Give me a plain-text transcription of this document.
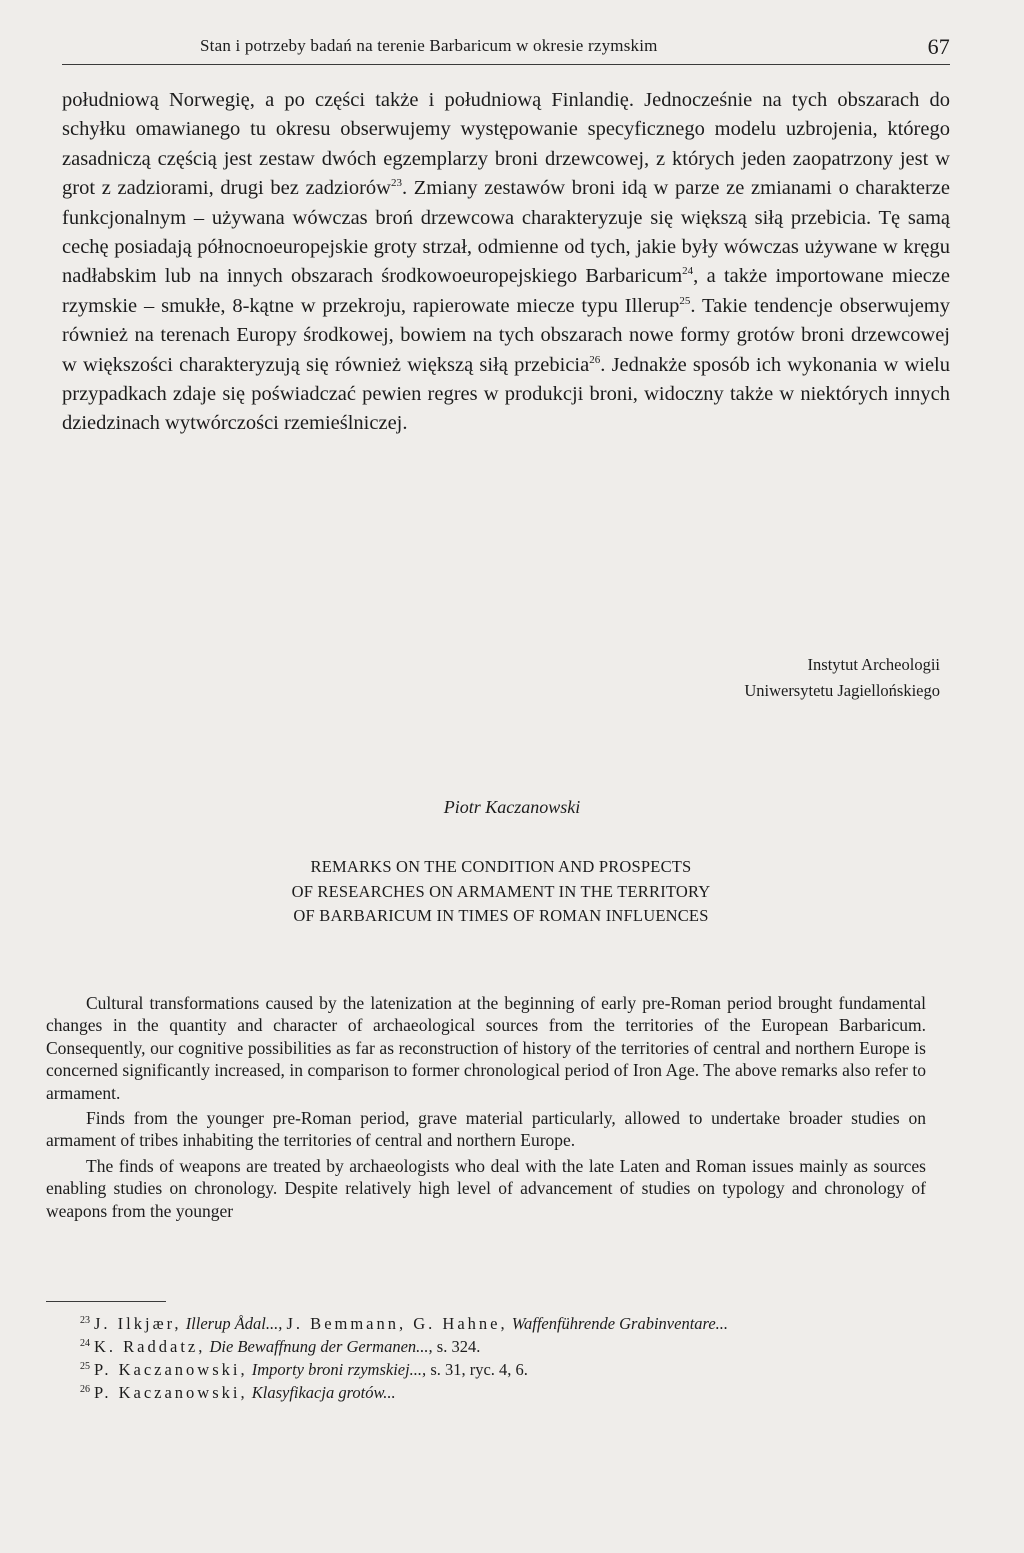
Stan i potrzeby badań na terenie Barbaricum w okresie rzymskim	67

południową Norwegię, a po części także i południową Finlandię. Jednocześnie na tych obszarach do schyłku omawianego tu okresu obserwujemy występowanie specyficznego modelu uzbrojenia, którego zasadniczą częścią jest zestaw dwóch egzemplarzy broni drzewcowej, z których jeden zaopatrzony jest w grot z zadziorami, drugi bez zadziorów$^{23}$. Zmiany zestawów broni idą w parze ze zmianami o charakterze funkcjonalnym – używana wówczas broń drzewcowa charakteryzuje się większą siłą przebicia. Tę samą cechę posiadają północnoeuropejskie groty strzał, odmienne od tych, jakie były wówczas używane w kręgu nadłabskim lub na innych obszarach środkowoeuropejskiego Barbaricum$^{24}$, a także importowane miecze rzymskie – smukłe, 8-kątne w przekroju, rapierowate miecze typu Illerup$^{25}$. Takie tendencje obserwujemy również na terenach Europy środkowej, bowiem na tych obszarach nowe formy grotów broni drzewcowej w większości charakteryzują się również większą siłą przebicia$^{26}$. Jednakże sposób ich wykonania w wielu przypadkach zdaje się poświadczać pewien regres w produkcji broni, widoczny także w niektórych innych dziedzinach wytwórczości rzemieślniczej.

Instytut Archeologii
Uniwersytetu Jagiellońskiego
Piotr Kaczanowski
REMARKS ON THE CONDITION AND PROSPECTS
OF RESEARCHES ON ARMAMENT IN THE TERRITORY
OF BARBARICUM IN TIMES OF ROMAN INFLUENCES

Cultural transformations caused by the latenization at the beginning of early pre-Roman period brought fundamental changes in the quantity and character of archaeological sources from the territories of the European Barbaricum. Consequently, our cognitive possibilities as far as reconstruction of history of the territories of central and northern Europe is concerned significantly increased, in comparison to former chronological period of Iron Age. The above remarks also refer to armament.

Finds from the younger pre-Roman period, grave material particularly, allowed to undertake broader studies on armament of tribes inhabiting the territories of central and northern Europe.

The finds of weapons are treated by archaeologists who deal with the late Laten and Roman issues mainly as sources enabling studies on chronology. Despite relatively high level of advancement of studies on typology and chronology of weapons from the younger

$^{23}$ J. Ilkjær, Illerup Ådal..., J. Bemmann, G. Hahne, Waffenführende Grabinventare...
$^{24}$ K. Raddatz, Die Bewaffnung der Germanen..., s. 324.
$^{25}$ P. Kaczanowski, Importy broni rzymskiej..., s. 31, ryc. 4, 6.
$^{26}$ P. Kaczanowski, Klasyfikacja grotów...
